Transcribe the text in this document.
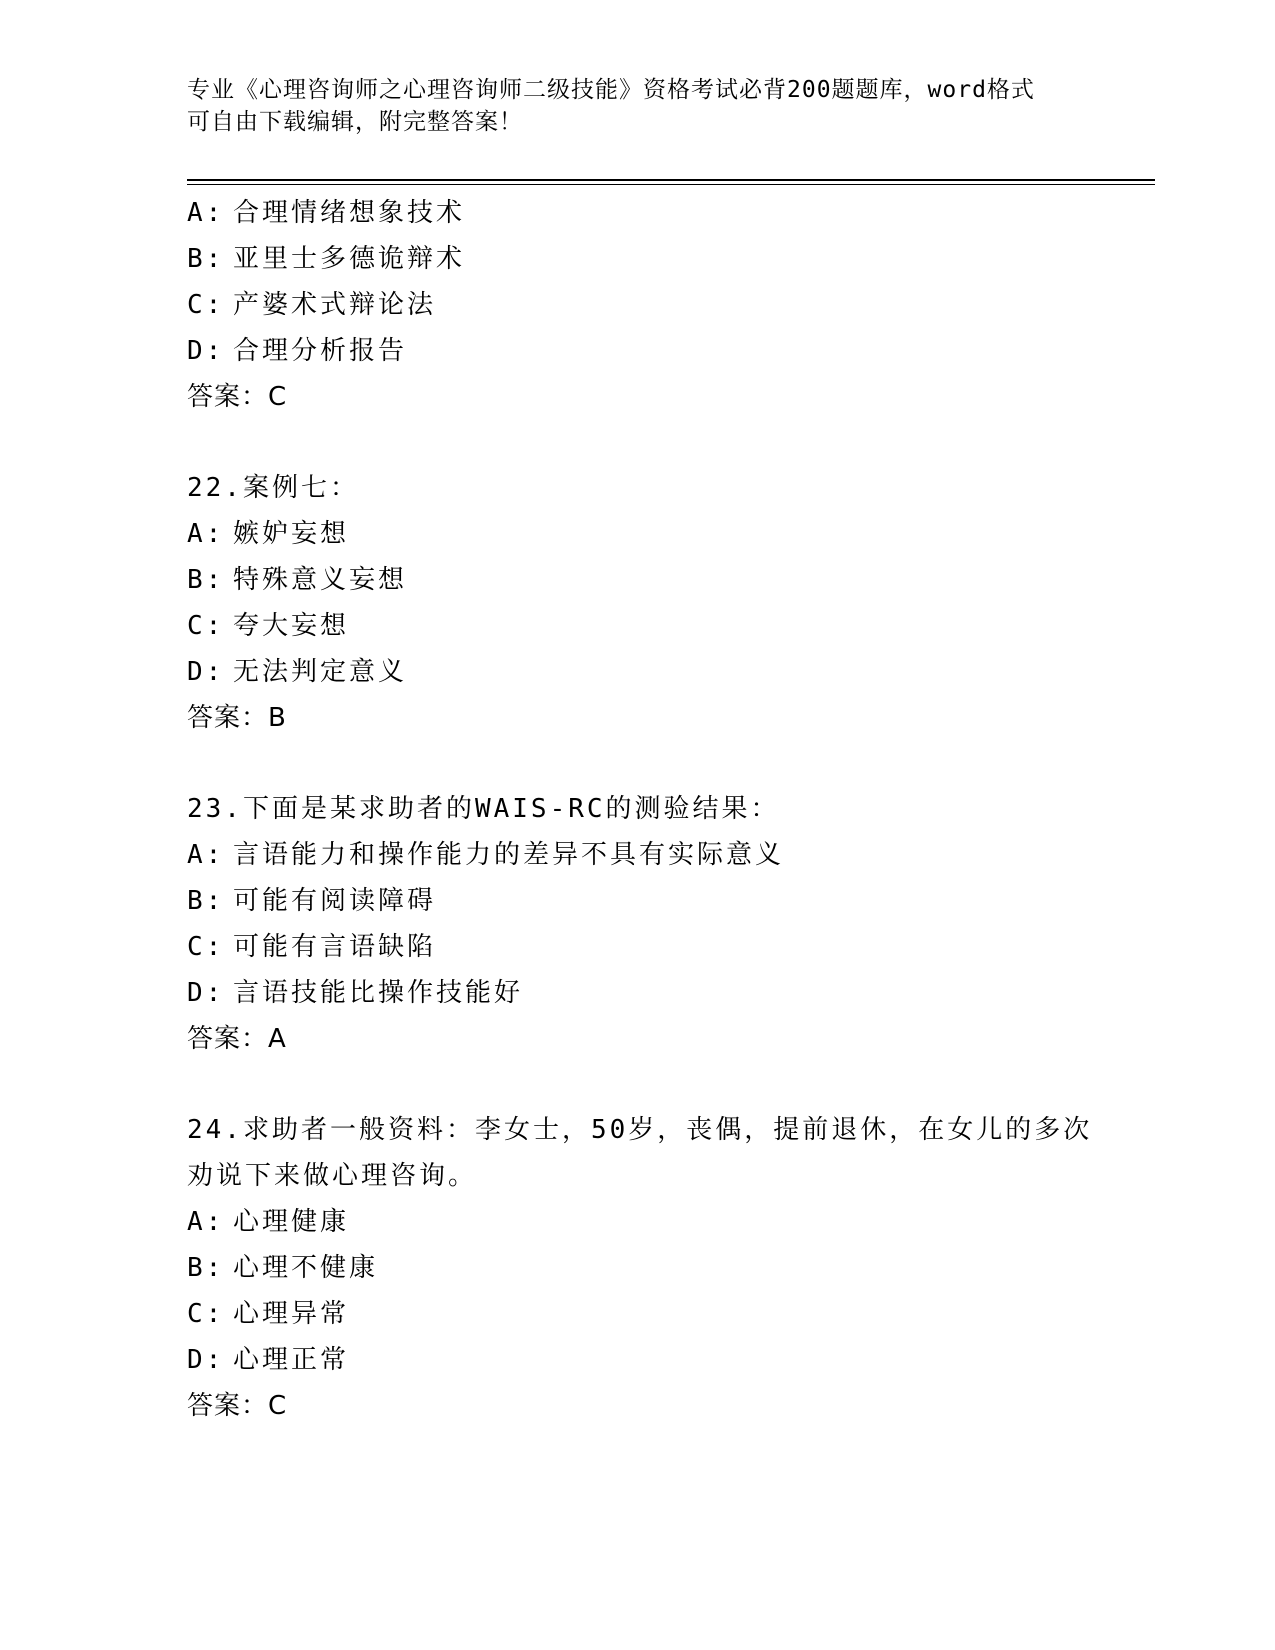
专业《心理咨询师之心理咨询师二级技能》资格考试必背200题题库，word格式
可自由下载编辑，附完整答案！
A: 合理情绪想象技术
B: 亚里士多德诡辩术
C: 产婆术式辩论法
D: 合理分析报告
答案：C
22.案例七：
A: 嫉妒妄想
B: 特殊意义妄想
C: 夸大妄想
D: 无法判定意义
答案：B
23.下面是某求助者的WAIS-RC的测验结果：
A: 言语能力和操作能力的差异不具有实际意义
B: 可能有阅读障碍
C: 可能有言语缺陷
D: 言语技能比操作技能好
答案：A
24.求助者一般资料：李女士，50岁，丧偶，提前退休，在女儿的多次
劝说下来做心理咨询。
A: 心理健康
B: 心理不健康
C: 心理异常
D: 心理正常
答案：C
